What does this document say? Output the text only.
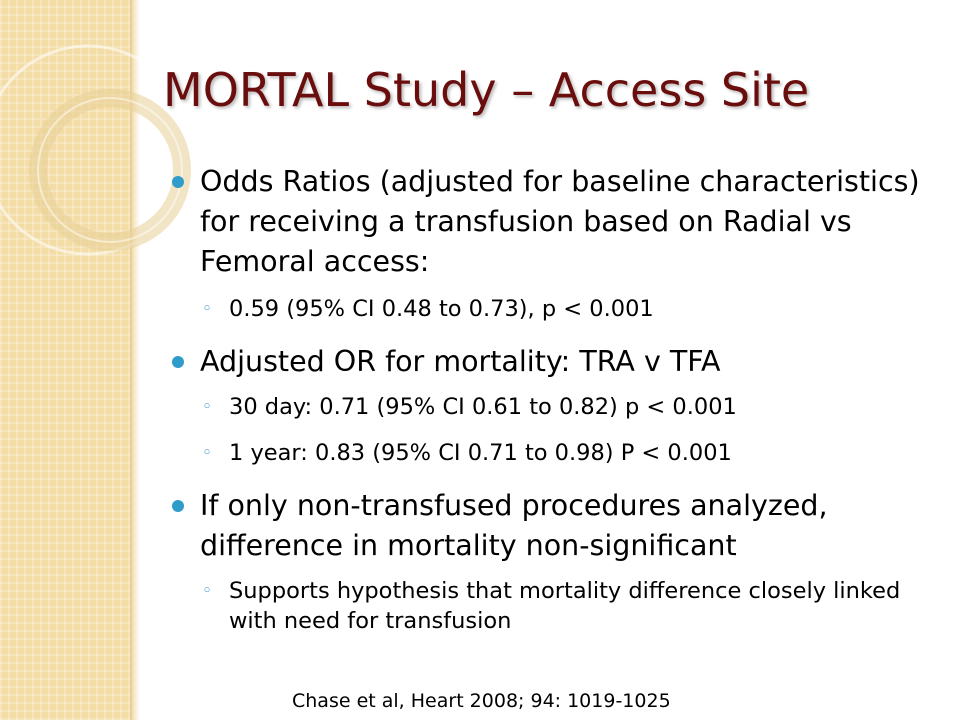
MORTAL Study – Access Site

Odds Ratios (adjusted for baseline characteristics) for receiving a transfusion based on Radial vs Femoral access:

◦ 0.59 (95% CI 0.48 to 0.73), p < 0.001

Adjusted OR for mortality: TRA v TFA

◦ 30 day: 0.71 (95% CI 0.61 to 0.82) p < 0.001

◦ 1 year: 0.83 (95% CI 0.71 to 0.98) P < 0.001

If only non-transfused procedures analyzed, difference in mortality non-significant

◦ Supports hypothesis that mortality difference closely linked with need for transfusion

Chase et al, Heart 2008; 94: 1019-1025
